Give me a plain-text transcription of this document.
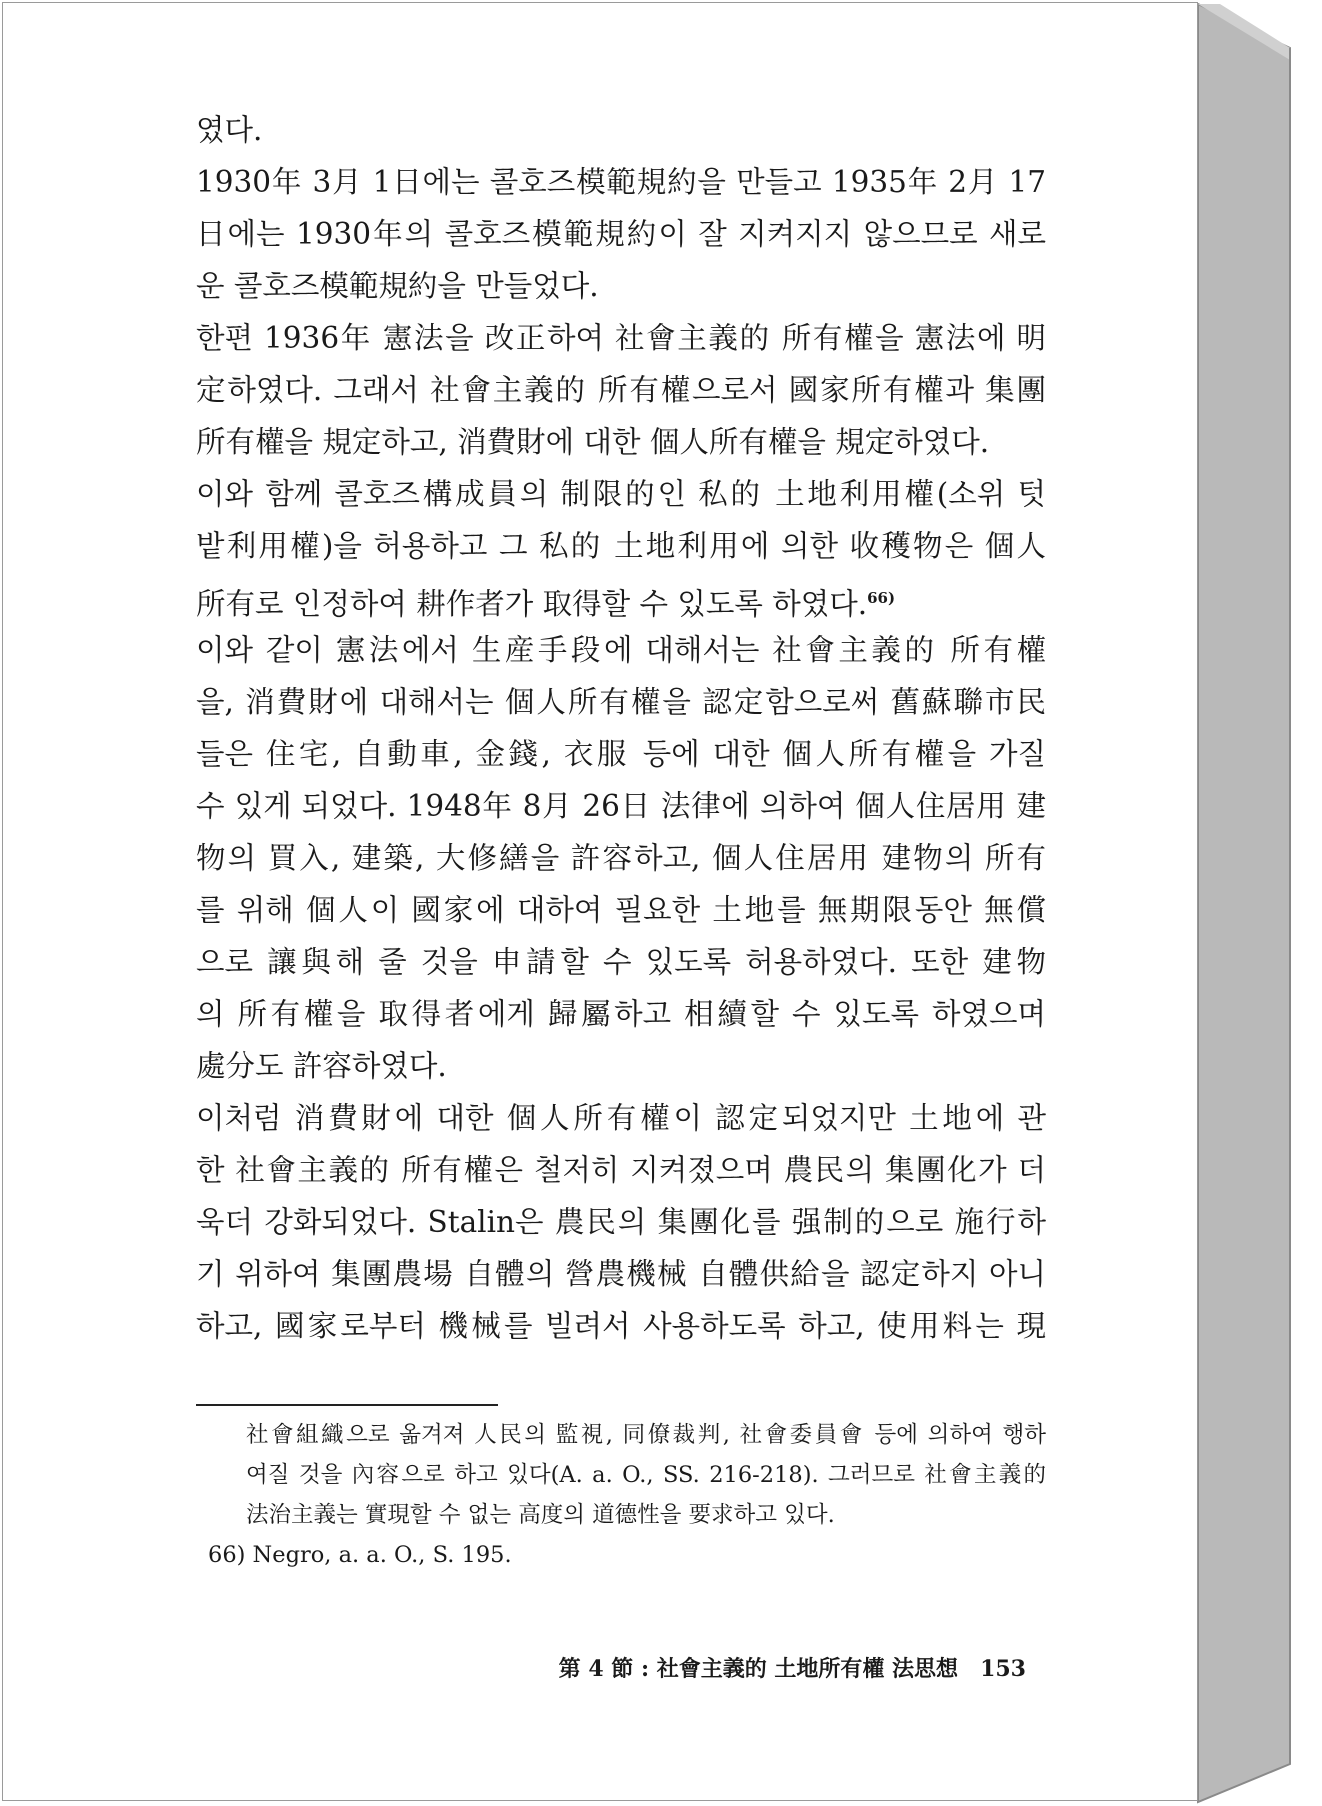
였다.
1930年 3月 1日에는 콜호즈模範規約을 만들고 1935年 2月 17
日에는 1930年의 콜호즈模範規約이 잘 지켜지지 않으므로 새로
운 콜호즈模範規約을 만들었다.
한편 1936年 憲法을 改正하여 社會主義的 所有權을 憲法에 明
定하였다. 그래서 社會主義的 所有權으로서 國家所有權과 集團
所有權을 規定하고, 消費財에 대한 個人所有權을 規定하였다.
이와 함께 콜호즈構成員의 制限的인 私的 土地利用權(소위 텃
밭利用權)을 허용하고 그 私的 土地利用에 의한 收穫物은 個人
所有로 인정하여 耕作者가 取得할 수 있도록 하였다.$^{66)}$
이와 같이 憲法에서 生産手段에 대해서는 社會主義的 所有權
을, 消費財에 대해서는 個人所有權을 認定함으로써 舊蘇聯市民
들은 住宅, 自動車, 金錢, 衣服 등에 대한 個人所有權을 가질
수 있게 되었다. 1948年 8月 26日 法律에 의하여 個人住居用 建
物의 買入, 建築, 大修繕을 許容하고, 個人住居用 建物의 所有
를 위해 個人이 國家에 대하여 필요한 土地를 無期限동안 無償
으로 讓與해 줄 것을 申請할 수 있도록 허용하였다. 또한 建物
의 所有權을 取得者에게 歸屬하고 相續할 수 있도록 하였으며
處分도 許容하였다.
이처럼 消費財에 대한 個人所有權이 認定되었지만 土地에 관
한 社會主義的 所有權은 철저히 지켜졌으며 農民의 集團化가 더
욱더 강화되었다. Stalin은 農民의 集團化를 强制的으로 施行하
기 위하여 集團農場 自體의 營農機械 自體供給을 認定하지 아니
하고, 國家로부터 機械를 빌려서 사용하도록 하고, 使用料는 現
社會組織으로 옮겨져 人民의 監視, 同僚裁判, 社會委員會 등에 의하여 행하
여질 것을 內容으로 하고 있다(A. a. O., SS. 216-218). 그러므로 社會主義的
法治主義는 實現할 수 없는 高度의 道德性을 要求하고 있다.
66) Negro, a. a. O., S. 195.
第 4 節 : 社會主義的 土地所有權 法思想 153
